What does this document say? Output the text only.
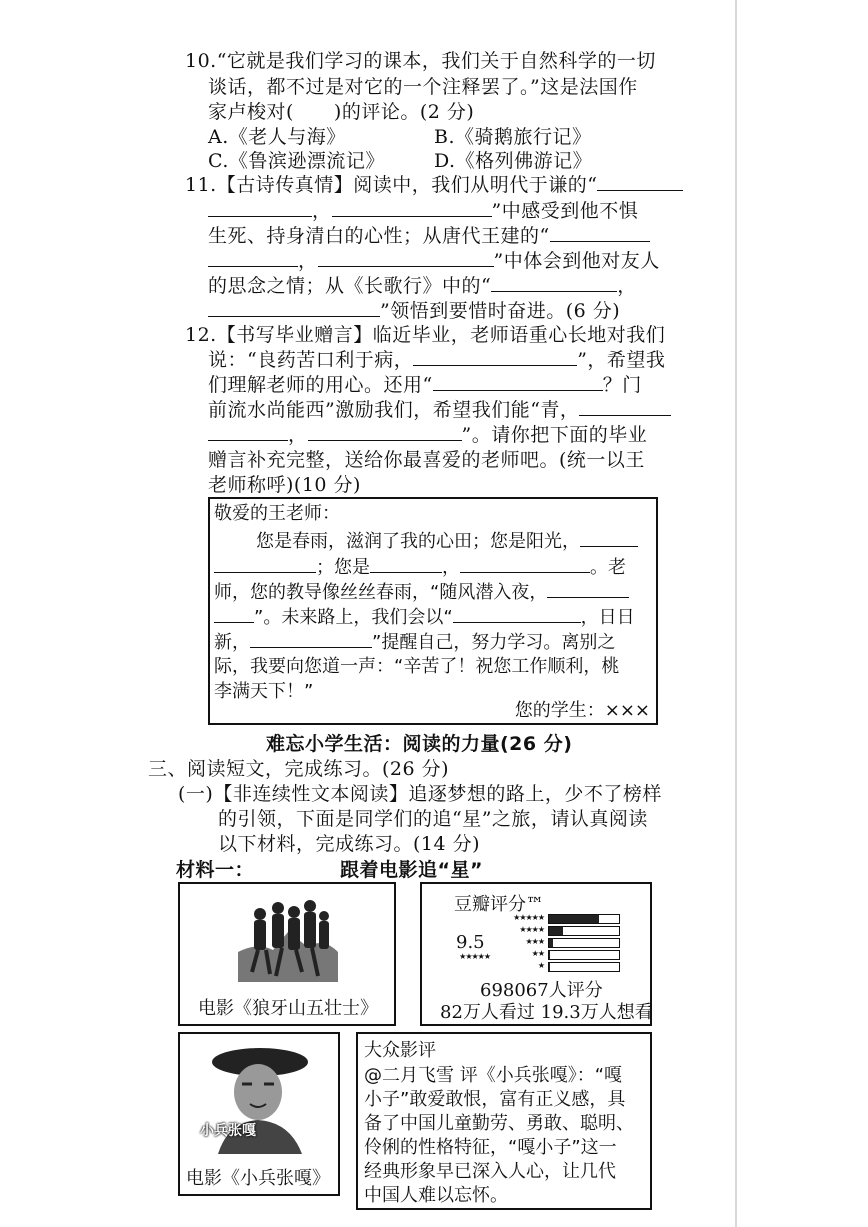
10.“它就是我们学习的课本，我们关于自然科学的一切
谈话，都不过是对它的一个注释罢了。”这是法国作
家卢梭对( )的评论。(2 分)
A.《老人与海》	B.《骑鹅旅行记》
C.《鲁滨逊漂流记》	D.《格列佛游记》
11.【古诗传真情】阅读中，我们从明代于谦的“
，	”中感受到他不惧
生死、持身清白的心性；从唐代王建的“
，	”中体会到他对友人
的思念之情；从《长歌行》中的“	，
”领悟到要惜时奋进。(6 分)
12.【书写毕业赠言】临近毕业，老师语重心长地对我们
说：“良药苦口利于病，	”，希望我
们理解老师的用心。还用“	？门
前流水尚能西”激励我们，希望我们能“青，
，	”。请你把下面的毕业
赠言补充完整，送给你最喜爱的老师吧。(统一以王
老师称呼)(10 分)
敬爱的王老师：
您是春雨，滋润了我的心田；您是阳光，
；您是	，	。老
师，您的教导像丝丝春雨，“随风潜入夜，
”。未来路上，我们会以“	，日日
新，	”提醒自己，努力学习。离别之
际，我要向您道一声：“辛苦了！祝您工作顺利，桃
李满天下！”
您的学生：×××
难忘小学生活：阅读的力量(26 分)
三、阅读短文，完成练习。(26 分)
(一)【非连续性文本阅读】追逐梦想的路上，少不了榜样
的引领，下面是同学们的追“星”之旅，请认真阅读
以下材料，完成练习。(14 分)
材料一：	跟着电影追“星”
电影《狼牙山五壮士》
豆瓣评分™
9.5
★★★★★
★★★★★
★★★★
★★★
★★
★
698067人评分
82万人看过 19.3万人想看
小兵张嘎
电影《小兵张嘎》
大众影评
@二月飞雪 评《小兵张嘎》：“嘎
小子”敢爱敢恨，富有正义感，具
备了中国儿童勤劳、勇敢、聪明、
伶俐的性格特征，“嘎小子”这一
经典形象早已深入人心，让几代
中国人难以忘怀。
